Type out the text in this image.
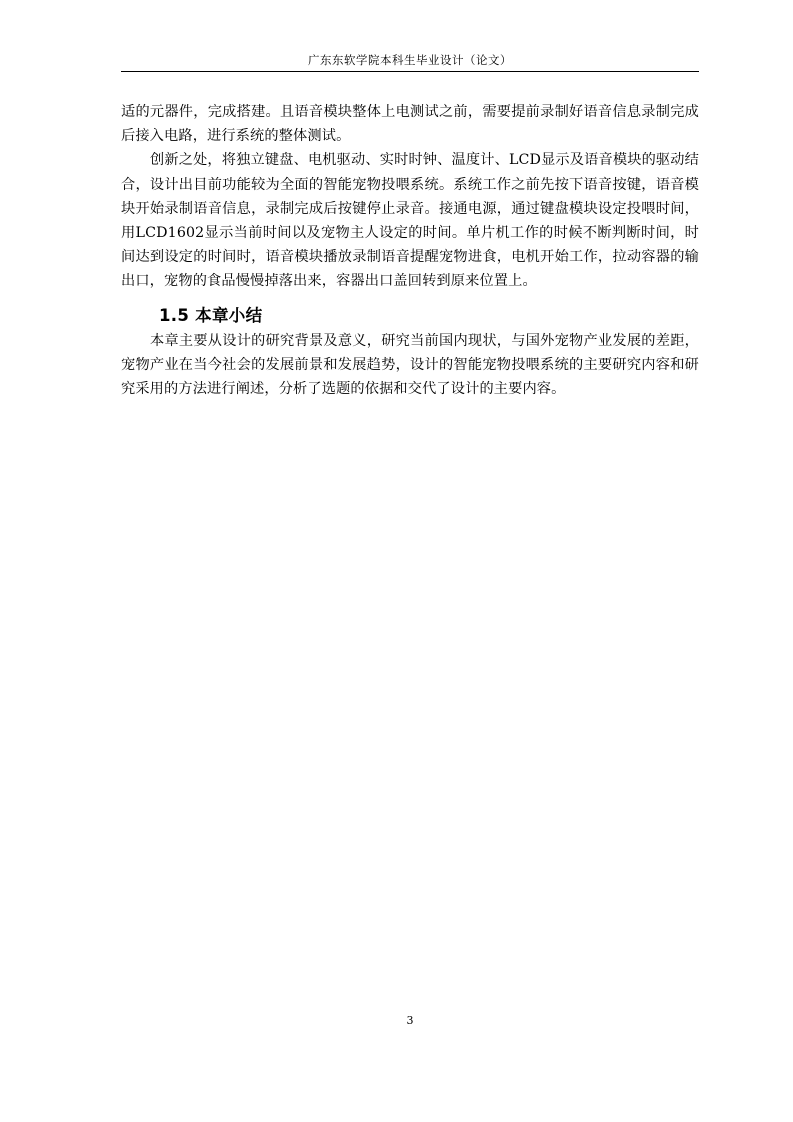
广东东软学院本科生毕业设计（论文）

适的元器件，完成搭建。且语音模块整体上电测试之前，需要提前录制好语音信息录制完成后接入电路，进行系统的整体测试。

创新之处，将独立键盘、电机驱动、实时时钟、温度计、LCD显示及语音模块的驱动结合，设计出目前功能较为全面的智能宠物投喂系统。系统工作之前先按下语音按键，语音模块开始录制语音信息，录制完成后按键停止录音。接通电源，通过键盘模块设定投喂时间，用LCD1602显示当前时间以及宠物主人设定的时间。单片机工作的时候不断判断时间，时间达到设定的时间时，语音模块播放录制语音提醒宠物进食，电机开始工作，拉动容器的输出口，宠物的食品慢慢掉落出来，容器出口盖回转到原来位置上。

1.5 本章小结

本章主要从设计的研究背景及意义，研究当前国内现状，与国外宠物产业发展的差距，宠物产业在当今社会的发展前景和发展趋势，设计的智能宠物投喂系统的主要研究内容和研究采用的方法进行阐述，分析了选题的依据和交代了设计的主要内容。

3
